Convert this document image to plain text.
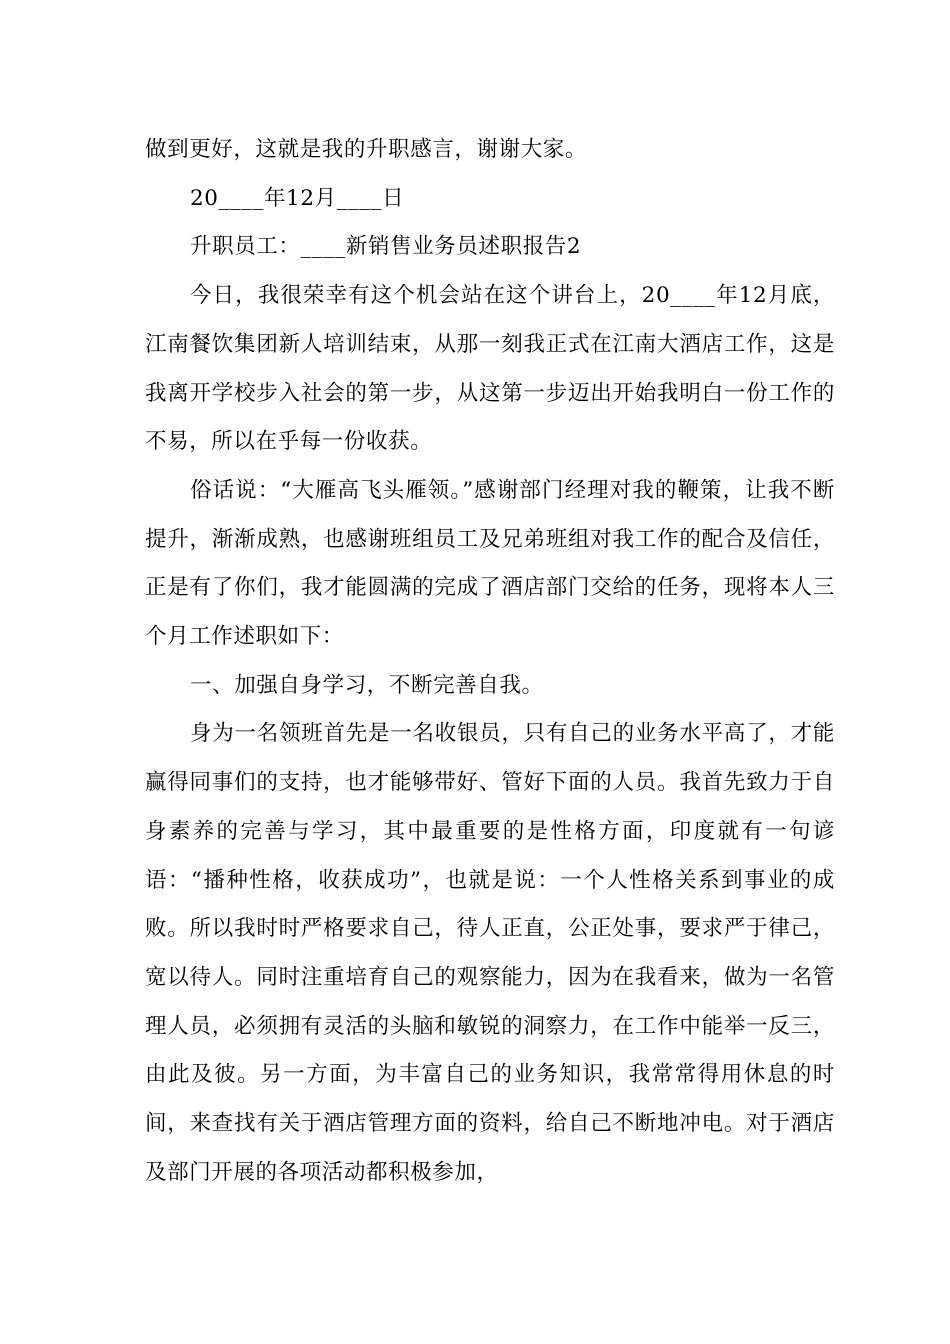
做到更好，这就是我的升职感言，谢谢大家。

20____年12月____日

升职员工：____新销售业务员述职报告2

今日，我很荣幸有这个机会站在这个讲台上，20____年12月底，江南餐饮集团新人培训结束，从那一刻我正式在江南大酒店工作，这是我离开学校步入社会的第一步，从这第一步迈出开始我明白一份工作的不易，所以在乎每一份收获。

俗话说：“大雁高飞头雁领。”感谢部门经理对我的鞭策，让我不断提升，渐渐成熟，也感谢班组员工及兄弟班组对我工作的配合及信任，正是有了你们，我才能圆满的完成了酒店部门交给的任务，现将本人三个月工作述职如下：

一、加强自身学习，不断完善自我。

身为一名领班首先是一名收银员，只有自己的业务水平高了，才能赢得同事们的支持，也才能够带好、管好下面的人员。我首先致力于自身素养的完善与学习，其中最重要的是性格方面，印度就有一句谚语：“播种性格，收获成功”，也就是说：一个人性格关系到事业的成败。所以我时时严格要求自己，待人正直，公正处事，要求严于律己，宽以待人。同时注重培育自己的观察能力，因为在我看来，做为一名管理人员，必须拥有灵活的头脑和敏锐的洞察力，在工作中能举一反三，由此及彼。另一方面，为丰富自己的业务知识，我常常得用休息的时间，来查找有关于酒店管理方面的资料，给自己不断地冲电。对于酒店及部门开展的各项活动都积极参加，
